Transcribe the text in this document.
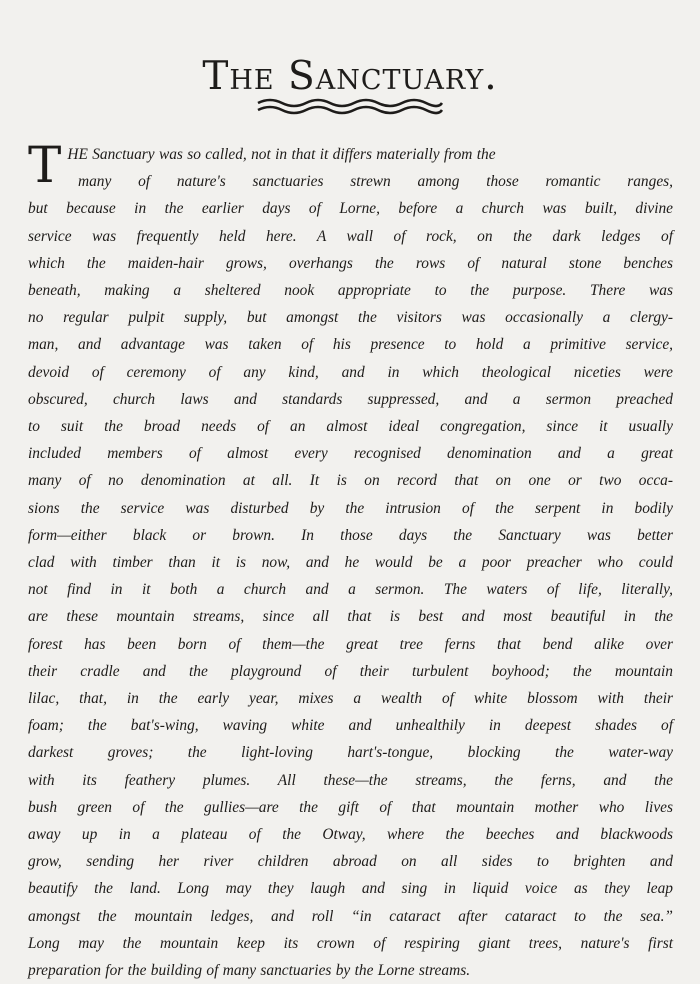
The Sanctuary.
T HE Sanctuary was so called, not in that it differs materially from the
many of nature's sanctuaries strewn among those romantic ranges,
but because in the earlier days of Lorne, before a church was built, divine
service was frequently held here. A wall of rock, on the dark ledges of
which the maiden-hair grows, overhangs the rows of natural stone benches
beneath, making a sheltered nook appropriate to the purpose. There was
no regular pulpit supply, but amongst the visitors was occasionally a clergy-
man, and advantage was taken of his presence to hold a primitive service,
devoid of ceremony of any kind, and in which theological niceties were
obscured, church laws and standards suppressed, and a sermon preached
to suit the broad needs of an almost ideal congregation, since it usually
included members of almost every recognised denomination and a great
many of no denomination at all. It is on record that on one or two occa-
sions the service was disturbed by the intrusion of the serpent in bodily
form—either black or brown. In those days the Sanctuary was better
clad with timber than it is now, and he would be a poor preacher who could
not find in it both a church and a sermon. The waters of life, literally,
are these mountain streams, since all that is best and most beautiful in the
forest has been born of them—the great tree ferns that bend alike over
their cradle and the playground of their turbulent boyhood; the mountain
lilac, that, in the early year, mixes a wealth of white blossom with their
foam; the bat's-wing, waving white and unhealthily in deepest shades of
darkest groves; the light-loving hart's-tongue, blocking the water-way
with its feathery plumes. All these—the streams, the ferns, and the
bush green of the gullies—are the gift of that mountain mother who lives
away up in a plateau of the Otway, where the beeches and blackwoods
grow, sending her river children abroad on all sides to brighten and
beautify the land. Long may they laugh and sing in liquid voice as they leap
amongst the mountain ledges, and roll “in cataract after cataract to the sea.”
Long may the mountain keep its crown of respiring giant trees, nature's first
preparation for the building of many sanctuaries by the Lorne streams.
